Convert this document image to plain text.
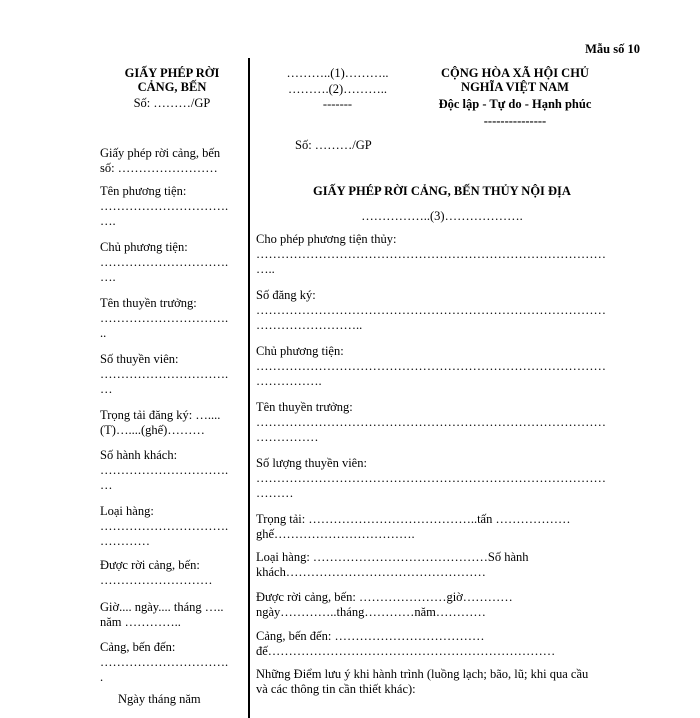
Mẫu số 10
GIẤY PHÉP RỜI
CẢNG, BẾN
Số: ………/GP
………..(1)………..
……….(2)………..
-------
CỘNG HÒA XÃ HỘI CHỦ
NGHĨA VIỆT NAM
Độc lập - Tự do - Hạnh phúc
---------------
Giấy phép rời cảng, bến
số: ……………………
Tên phương tiện:
………………………….
….
Chủ phương tiện:
………………………….
….
Tên thuyền trưởng:
………………………….
..
Số thuyền viên:
………………………….
…
Trọng tải đăng ký: …....
(T)…....(ghế)………
Số hành khách:
………………………….
…
Loại hàng:
………………………….
…………
Được rời cảng, bến:
………………………
Giờ.... ngày.... tháng …..
năm …………..
Cảng, bến đến:
………………………….
.
Ngày tháng năm
Số: ………/GP
GIẤY PHÉP RỜI CẢNG, BẾN THỦY NỘI ĐỊA
……………..(3)……………….
Cho phép phương tiện thủy:
…………………………………………………………………………
…..
Số đăng ký:
…………………………………………………………………………
……………………..
Chủ phương tiện:
…………………………………………………………………………
…………….
Tên thuyền trưởng:
…………………………………………………………………………
……………
Số lượng thuyền viên:
…………………………………………………………………………
………
Trọng tải: …………………………………..tấn ………………
ghế…………………………….
Loại hàng: ……………………………………Số hành
khách…………………………………………
Được rời cảng, bến: …………………giờ…………
ngày…………..tháng…………năm…………
Cảng, bến đến: ………………………………
đế……………………………………………………………
Những Điểm lưu ý khi hành trình (luồng lạch; bão, lũ; khi qua cầu
và các thông tin cần thiết khác):
